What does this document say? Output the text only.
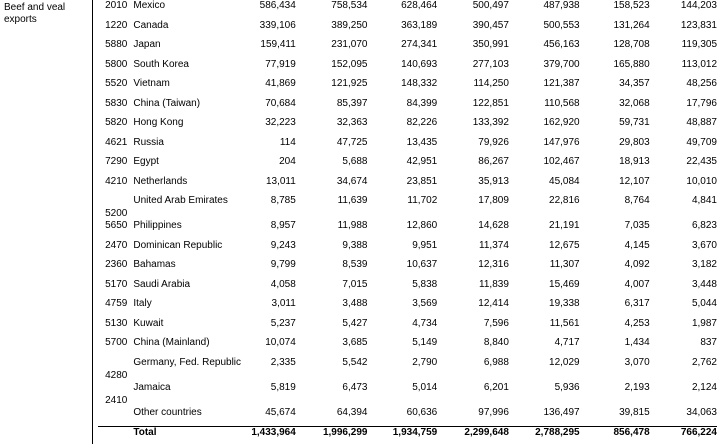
Beef and veal exports
2010	Mexico	586,434	758,534	628,464	500,497	487,938	158,523	144,203
1220	Canada	339,106	389,250	363,189	390,457	500,553	131,264	123,831
5880	Japan	159,411	231,070	274,341	350,991	456,163	128,708	119,305
5800	South Korea	77,919	152,095	140,693	277,103	379,700	165,880	113,012
5520	Vietnam	41,869	121,925	148,332	114,250	121,387	34,357	48,256
5830	China (Taiwan)	70,684	85,397	84,399	122,851	110,568	32,068	17,796
5820	Hong Kong	32,223	32,363	82,226	133,392	162,920	59,731	48,887
4621	Russia	114	47,725	13,435	79,926	147,976	29,803	49,709
7290	Egypt	204	5,688	42,951	86,267	102,467	18,913	22,435
4210	Netherlands	13,011	34,674	23,851	35,913	45,084	12,107	10,010
5200	United Arab Emirates	8,785	11,639	11,702	17,809	22,816	8,764	4,841
5650	Philippines	8,957	11,988	12,860	14,628	21,191	7,035	6,823
2470	Dominican Republic	9,243	9,388	9,951	11,374	12,675	4,145	3,670
2360	Bahamas	9,799	8,539	10,637	12,316	11,307	4,092	3,182
5170	Saudi Arabia	4,058	7,015	5,838	11,839	15,469	4,007	3,448
4759	Italy	3,011	3,488	3,569	12,414	19,338	6,317	5,044
5130	Kuwait	5,237	5,427	4,734	7,596	11,561	4,253	1,987
5700	China (Mainland)	10,074	3,685	5,149	8,840	4,717	1,434	837
4280	Germany, Fed. Republic	2,335	5,542	2,790	6,988	12,029	3,070	2,762
2410	Jamaica	5,819	6,473	5,014	6,201	5,936	2,193	2,124
	Other countries	45,674	64,394	60,636	97,996	136,497	39,815	34,063
	Total	1,433,964	1,996,299	1,934,759	2,299,648	2,788,295	856,478	766,224
